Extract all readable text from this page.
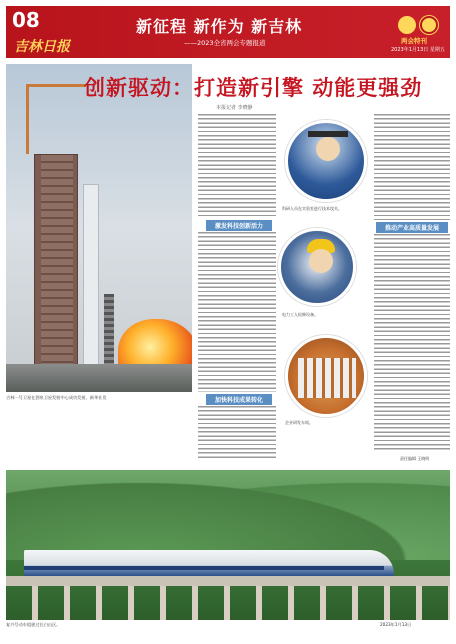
08
吉林日报
新征程 新作为 新吉林
——2023全省两会专题报道	两会特刊
2023年1月13日 星期五
创新驱动：打造新引擎 动能更强劲
本报记者 李晓静
吉林一号卫星在酒泉卫星发射中心成功发射。新华社发
激发科技创新活力
加快科技成果转化
科研人员在实验室进行技术攻关。
电力工人检修设备。
企业研发车间。
推动产业高质量发展
责任编辑 王晓明
复兴号动车组驶过长白山区。	2023年1月13日
